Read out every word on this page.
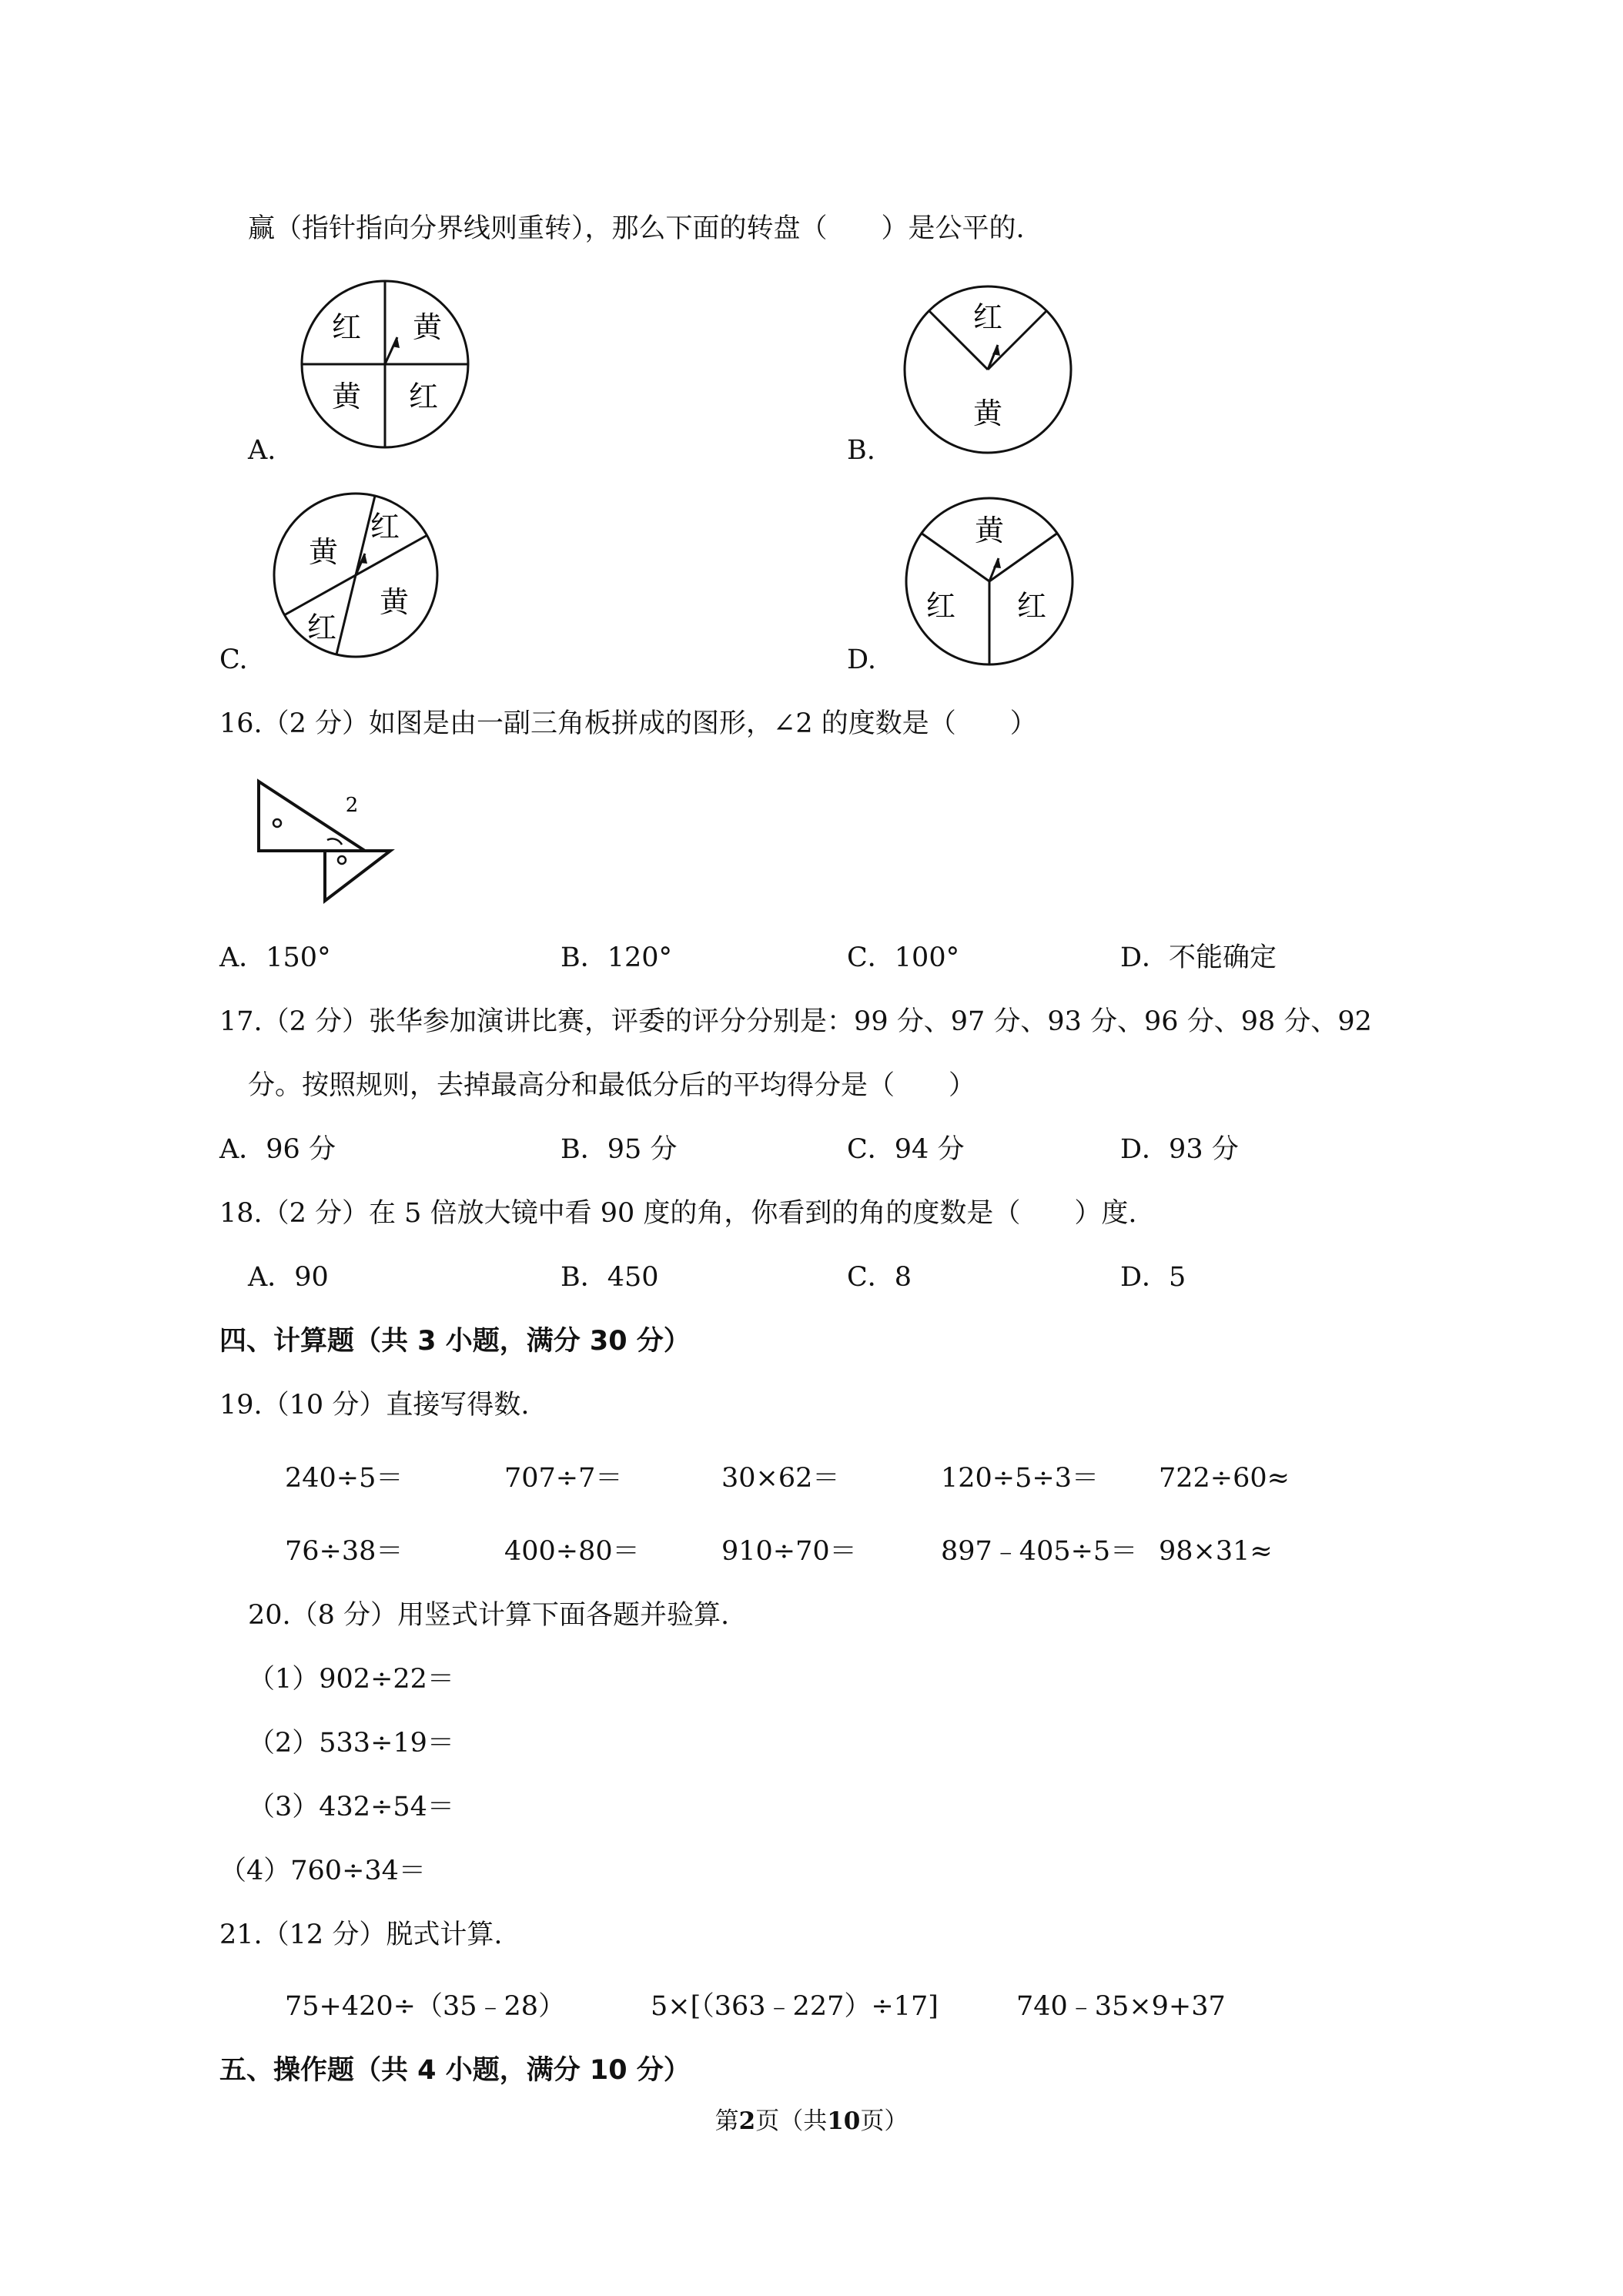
赢（指针指向分界线则重转），那么下面的转盘（　　）是公平的.
红 黄
黄 红
A.
红
黄
B.
红
黄
红
黄
C.
黄
红 红
D.
16.（2 分）如图是由一副三角板拼成的图形，∠2 的度数是（　　）
2
A．150°	B．120°	C．100°	D．不能确定
17.（2 分）张华参加演讲比赛，评委的评分分别是：99 分、97 分、93 分、96 分、98 分、92
分。按照规则，去掉最高分和最低分后的平均得分是（　　）
A．96 分	B．95 分	C．94 分	D．93 分
18.（2 分）在 5 倍放大镜中看 90 度的角，你看到的角的度数是（　　）度.
A．90	B．450	C．8	D．5
四、计算题（共 3 小题，满分 30 分）
19.（10 分）直接写得数.
240÷5＝	707÷7＝	30×62＝	120÷5÷3＝ 722÷60≈
76÷38＝	400÷80＝	910÷70＝	897﹣405÷5＝ 98×31≈
20.（8 分）用竖式计算下面各题并验算.
（1）902÷22＝
（2）533÷19＝
（3）432÷54＝
（4）760÷34＝
21.（12 分）脱式计算.
75+420÷（35﹣28）	5×[（363﹣227）÷17]	740﹣35×9+37
五、操作题（共 4 小题，满分 10 分）
第2页（共10页）
